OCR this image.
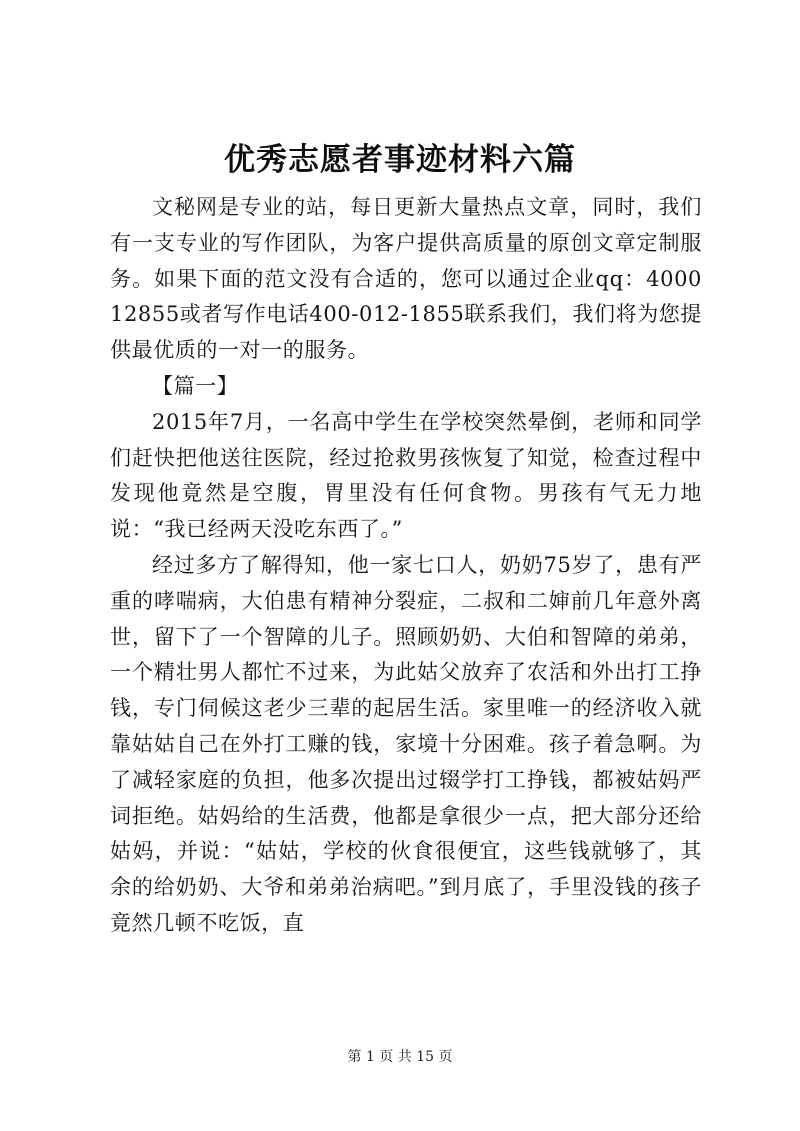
优秀志愿者事迹材料六篇

文秘网是专业的站，每日更新大量热点文章，同时，我们有一支专业的写作团队，为客户提供高质量的原创文章定制服务。如果下面的范文没有合适的，您可以通过企业qq：400012855或者写作电话400-012-1855联系我们，我们将为您提供最优质的一对一的服务。

【篇一】

2015年7月，一名高中学生在学校突然晕倒，老师和同学们赶快把他送往医院，经过抢救男孩恢复了知觉，检查过程中发现他竟然是空腹，胃里没有任何食物。男孩有气无力地说：“我已经两天没吃东西了。”

经过多方了解得知，他一家七口人，奶奶75岁了，患有严重的哮喘病，大伯患有精神分裂症，二叔和二婶前几年意外离世，留下了一个智障的儿子。照顾奶奶、大伯和智障的弟弟，一个精壮男人都忙不过来，为此姑父放弃了农活和外出打工挣钱，专门伺候这老少三辈的起居生活。家里唯一的经济收入就靠姑姑自己在外打工赚的钱，家境十分困难。孩子着急啊。为了减轻家庭的负担，他多次提出过辍学打工挣钱，都被姑妈严词拒绝。姑妈给的生活费，他都是拿很少一点，把大部分还给姑妈，并说：“姑姑，学校的伙食很便宜，这些钱就够了，其余的给奶奶、大爷和弟弟治病吧。”到月底了，手里没钱的孩子竟然几顿不吃饭，直

第 1 页 共 15 页
